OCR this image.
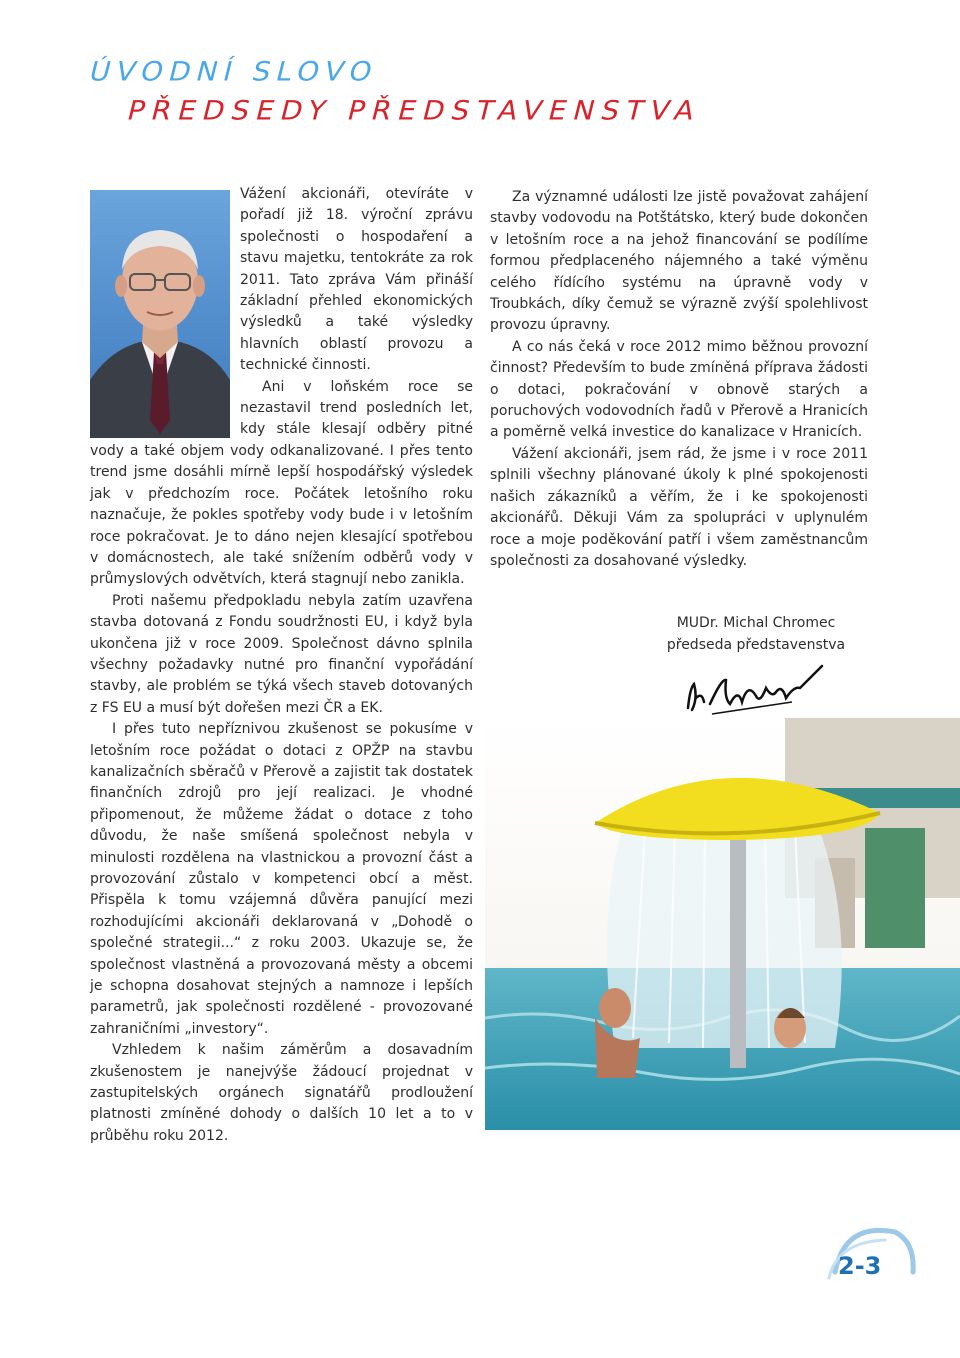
ÚVODNÍ SLOVO
PŘEDSEDY PŘEDSTAVENSTVA

Vážení akcionáři, otevíráte v pořadí již 18. výroční zprávu společnosti o hospodaření a stavu majetku, tentokráte za rok 2011. Tato zpráva Vám přináší základní přehled ekonomických výsledků a také výsledky hlavních oblastí provozu a technické činnosti.

Ani v loňském roce se nezastavil trend posledních let, kdy stále klesají odběry pitné vody a také objem vody odkanalizované. I přes tento trend jsme dosáhli mírně lepší hospodářský výsledek jak v předchozím roce. Počátek letošního roku naznačuje, že pokles spotřeby vody bude i v letošním roce pokračovat. Je to dáno nejen klesající spotřebou v domácnostech, ale také snížením odběrů vody v průmyslových odvětvích, která stagnují nebo zanikla.

Proti našemu předpokladu nebyla zatím uzavřena stavba dotovaná z Fondu soudržnosti EU, i když byla ukončena již v roce 2009. Společnost dávno splnila všechny požadavky nutné pro finanční vypořádání stavby, ale problém se týká všech staveb dotovaných z FS EU a musí být dořešen mezi ČR a EK.

I přes tuto nepříznivou zkušenost se pokusíme v letošním roce požádat o dotaci z OPŽP na stavbu kanalizačních sběračů v Přerově a zajistit tak dostatek finančních zdrojů pro její realizaci. Je vhodné připomenout, že můžeme žádat o dotace z toho důvodu, že naše smíšená společnost nebyla v minulosti rozdělena na vlastnickou a provozní část a provozování zůstalo v kompetenci obcí a měst. Přispěla k tomu vzájemná důvěra panující mezi rozhodujícími akcionáři deklarovaná v „Dohodě o společné strategii...“ z roku 2003. Ukazuje se, že společnost vlastněná a provozovaná městy a obcemi je schopna dosahovat stejných a namnoze i lepších parametrů, jak společnosti rozdělené - provozované zahraničními „investory“.

Vzhledem k našim záměrům a dosavadním zkušenostem je nanejvýše žádoucí projednat v zastupitelských orgánech signatářů prodloužení platnosti zmíněné dohody o dalších 10 let a to v průběhu roku 2012.

Za významné události lze jistě považovat zahájení stavby vodovodu na Potštátsko, který bude dokončen v letošním roce a na jehož financování se podílíme formou předplaceného nájemného a také výměnu celého řídícího systému na úpravně vody v Troubkách, díky čemuž se výrazně zvýší spolehlivost provozu úpravny.

A co nás čeká v roce 2012 mimo běžnou provozní činnost? Především to bude zmíněná příprava žádosti o dotaci, pokračování v obnově starých a poruchových vodovodních řadů v Přerově a Hranicích a poměrně velká investice do kanalizace v Hranicích.

Vážení akcionáři, jsem rád, že jsme i v roce 2011 splnili všechny plánované úkoly k plné spokojenosti našich zákazníků a věřím, že i ke spokojenosti akcionářů. Děkuji Vám za spolupráci v uplynulém roce a moje poděkování patří i všem zaměstnancům společnosti za dosahované výsledky.

MUDr. Michal Chromec
předseda představenstva
2-3
